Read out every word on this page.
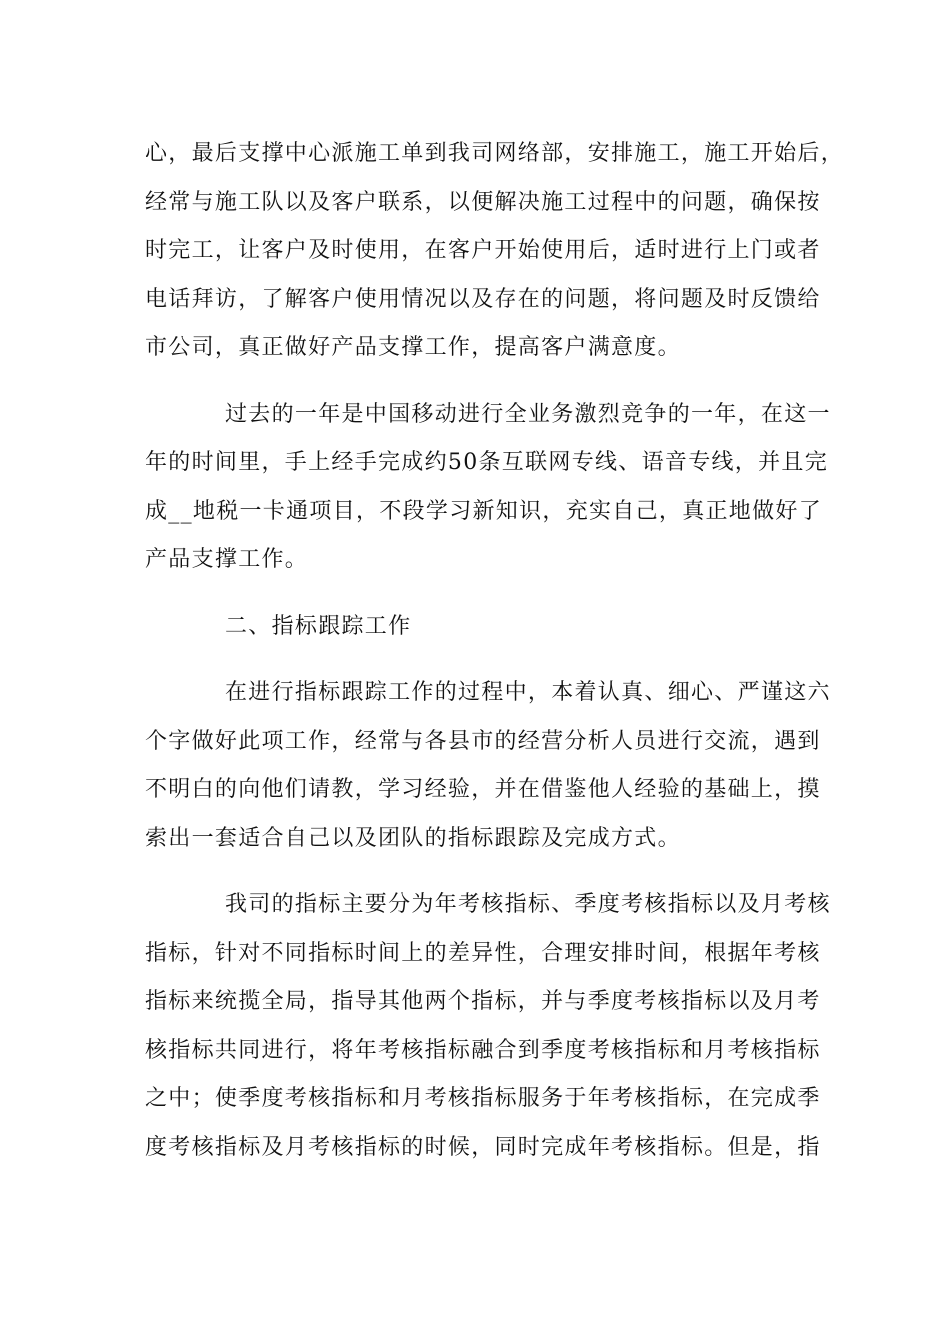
心，最后支撑中心派施工单到我司网络部，安排施工，施工开始后，
经常与施工队以及客户联系，以便解决施工过程中的问题，确保按
时完工，让客户及时使用，在客户开始使用后，适时进行上门或者
电话拜访，了解客户使用情况以及存在的问题，将问题及时反馈给
市公司，真正做好产品支撑工作，提高客户满意度。
过去的一年是中国移动进行全业务激烈竞争的一年，在这一
年的时间里，手上经手完成约50条互联网专线、语音专线，并且完
成__地税一卡通项目，不段学习新知识，充实自己，真正地做好了
产品支撑工作。
二、指标跟踪工作
在进行指标跟踪工作的过程中，本着认真、细心、严谨这六
个字做好此项工作，经常与各县市的经营分析人员进行交流，遇到
不明白的向他们请教，学习经验，并在借鉴他人经验的基础上，摸
索出一套适合自己以及团队的指标跟踪及完成方式。
我司的指标主要分为年考核指标、季度考核指标以及月考核
指标，针对不同指标时间上的差异性，合理安排时间，根据年考核
指标来统揽全局，指导其他两个指标，并与季度考核指标以及月考
核指标共同进行，将年考核指标融合到季度考核指标和月考核指标
之中；使季度考核指标和月考核指标服务于年考核指标，在完成季
度考核指标及月考核指标的时候，同时完成年考核指标。但是，指
